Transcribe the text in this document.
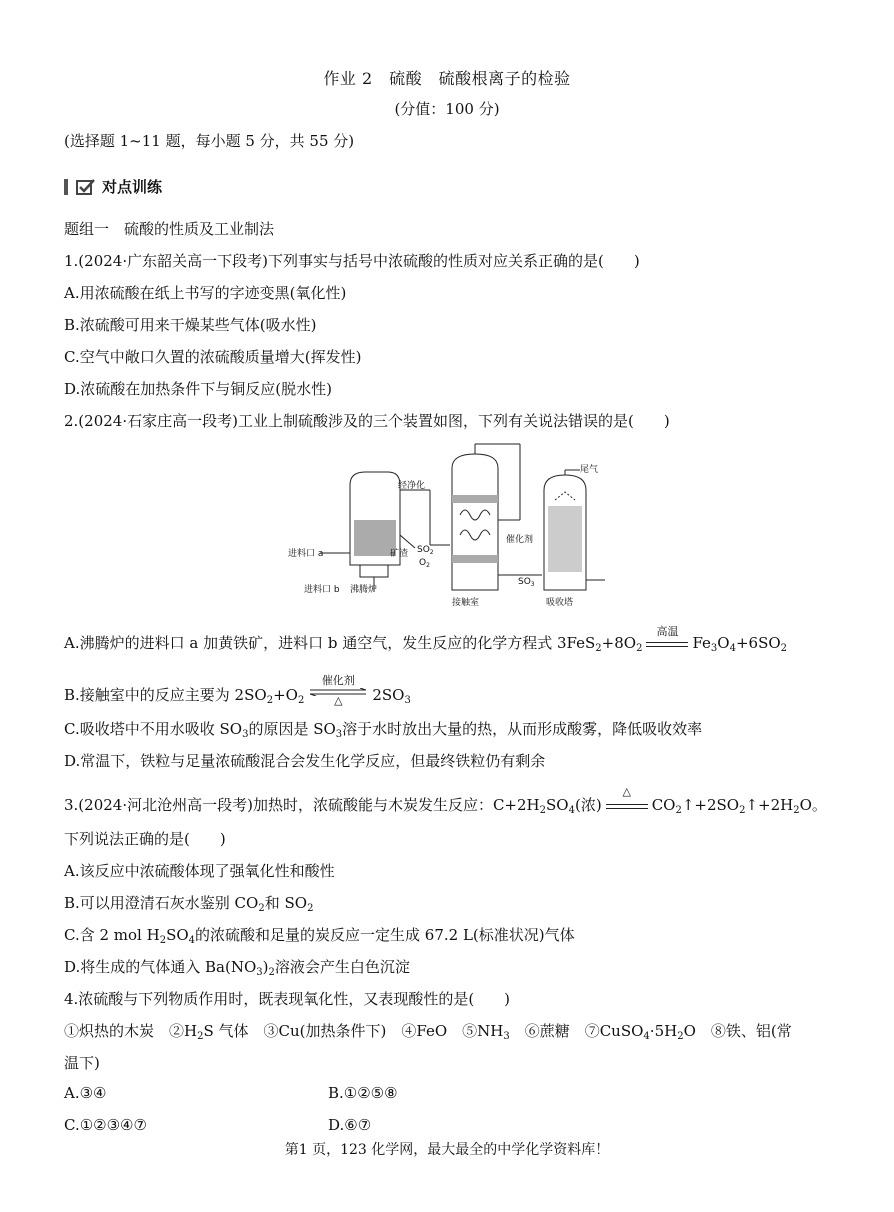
作业 2　硫酸　硫酸根离子的检验
(分值：100 分)
(选择题 1~11 题，每小题 5 分，共 55 分)
对点训练
题组一　硫酸的性质及工业制法
1.(2024·广东韶关高一下段考)下列事实与括号中浓硫酸的性质对应关系正确的是(　　)
A.用浓硫酸在纸上书写的字迹变黑(氧化性)
B.浓硫酸可用来干燥某些气体(吸水性)
C.空气中敞口久置的浓硫酸质量增大(挥发性)
D.浓硫酸在加热条件下与铜反应(脱水性)
2.(2024·石家庄高一段考)工业上制硫酸涉及的三个装置如图，下列有关说法错误的是(　　)
进料口 a
进料口 b 沸腾炉
经净化
矿渣 $SO_2$
$O_2$
催化剂
接触室
$SO_3$
尾气
吸收塔
A.沸腾炉的进料口 a 加黄铁矿，进料口 b 通空气，发生反应的化学方程式 $3FeS_2+8O_2$
高温
$Fe_3O_4+6SO_2$
B.接触室中的反应主要为 $2SO_2+O_2$
催化剂
△	$2SO_3$
C.吸收塔中不用水吸收 $SO_3$的原因是 $SO_3$溶于水时放出大量的热，从而形成酸雾，降低吸收效率
D.常温下，铁粒与足量浓硫酸混合会发生化学反应，但最终铁粒仍有剩余
3.(2024·河北沧州高一段考)加热时，浓硫酸能与木炭发生反应：$C+2H_2SO_4$(浓)
△
$CO_2↑+2SO_2↑+2H_2O$。
下列说法正确的是(　　)
A.该反应中浓硫酸体现了强氧化性和酸性
B.可以用澄清石灰水鉴别 $CO_2$和 $SO_2$
C.含 2 mol $H_2SO_4$的浓硫酸和足量的炭反应一定生成 67.2 L(标准状况)气体
D.将生成的气体通入 $Ba(NO_3)_2$溶液会产生白色沉淀
4.浓硫酸与下列物质作用时，既表现氧化性，又表现酸性的是(　　)
①炽热的木炭　$②H_2S$ 气体　③Cu(加热条件下)　④FeO　$⑤NH_3$　⑥蔗糖　$⑦CuSO_4\cdot 5H_2O$　⑧铁、铝(常
温下)
A.③④	B.①②⑤⑧
C.①②③④⑦	D.⑥⑦
第1 页，123 化学网，最大最全的中学化学资料库！
